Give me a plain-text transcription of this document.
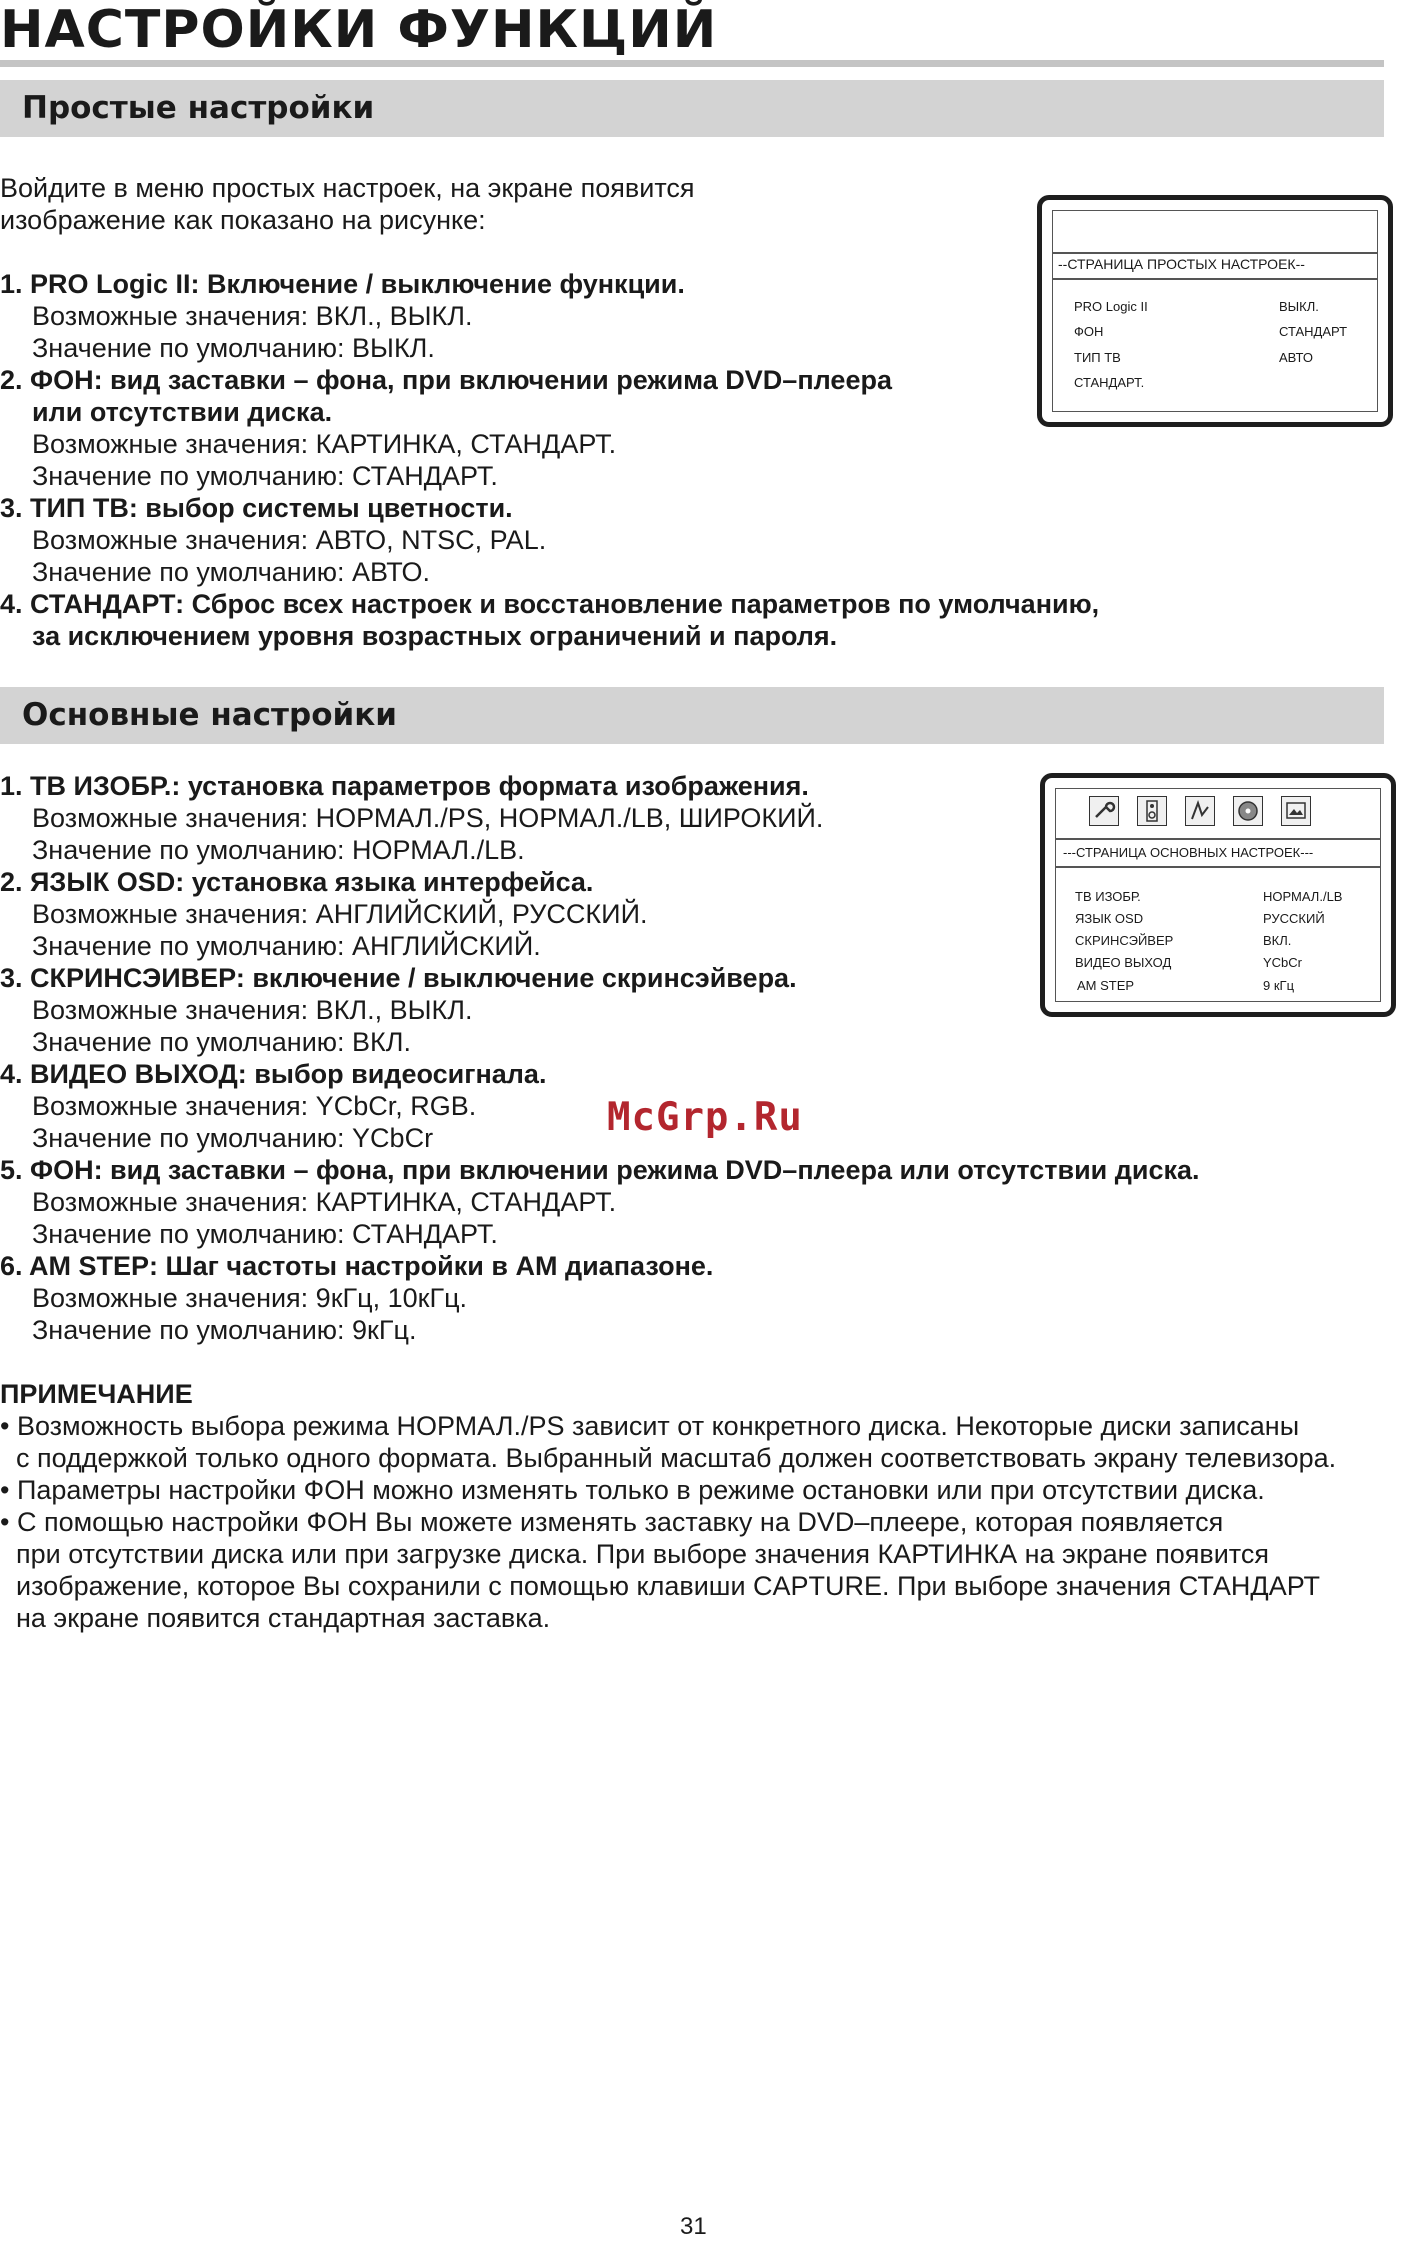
НАСТРОЙКИ ФУНКЦИЙ
Простые настройки

Войдите в меню простых настроек, на экране появится

изображение как показано на рисунке:

1. PRO Logic II: Включение / выключение функции.

Возможные значения: ВКЛ., ВЫКЛ.

Значение по умолчанию: ВЫКЛ.

2. ФОН: вид заставки – фона, при включении режима DVD–плеера

или отсутствии диска.

Возможные значения: КАРТИНКА, СТАНДАРТ.

Значение по умолчанию: СТАНДАРТ.

3. ТИП ТВ: выбор системы цветности.

Возможные значения: АВТО, NTSC, PAL.

Значение по умолчанию: АВТО.

4. СТАНДАРТ: Сброс всех настроек и восстановление параметров по умолчанию,

за исключением уровня возрастных ограничений и пароля.

--СТРАНИЦА ПРОСТЫХ НАСТРОЕК--
PRO Logic II	ВЫКЛ.
ФОН	СТАНДАРТ
ТИП ТВ	АВТО
СТАНДАРТ.
Основные настройки

1. ТВ ИЗОБР.: установка параметров формата изображения.

Возможные значения: НОРМАЛ./PS, НОРМАЛ./LB, ШИРОКИЙ.

Значение по умолчанию: НОРМАЛ./LB.

2. ЯЗЫК OSD: установка языка интерфейса.

Возможные значения: АНГЛИЙСКИЙ, РУССКИЙ.

Значение по умолчанию: АНГЛИЙСКИЙ.

3. СКРИНСЭИВЕР: включение / выключение скринсэйвера.

Возможные значения: ВКЛ., ВЫКЛ.

Значение по умолчанию: ВКЛ.

4. ВИДЕО ВЫХОД: выбор видеосигнала.

Возможные значения: YCbCr, RGB.

Значение по умолчанию: YCbCr

5. ФОН: вид заставки – фона, при включении режима DVD–плеера или отсутствии диска.

Возможные значения: КАРТИНКА, СТАНДАРТ.

Значение по умолчанию: СТАНДАРТ.

6. AM STEP: Шаг частоты настройки в АМ диапазоне.

Возможные значения: 9кГц, 10кГц.

Значение по умолчанию: 9кГц.

---СТРАНИЦА ОСНОВНЫХ НАСТРОЕК---
ТВ ИЗОБР.	НОРМАЛ./LB
ЯЗЫК OSD	РУССКИЙ
СКРИНСЭЙВЕР	ВКЛ.
ВИДЕО ВЫХОД	YCbCr
AM STEP	9 кГц
McGrp.Ru

ПРИМЕЧАНИЕ

• Возможность выбора режима НОРМАЛ./PS зависит от конкретного диска. Некоторые диски записаны

с поддержкой только одного формата. Выбранный масштаб должен соответствовать экрану телевизора.

• Параметры настройки ФОН можно изменять только в режиме остановки или при отсутствии диска.

• С помощью настройки ФОН Вы можете изменять заставку на DVD–плеере, которая появляется

при отсутствии диска или при загрузке диска. При выборе значения КАРТИНКА на экране появится

изображение, которое Вы сохранили с помощью клавиши CAPTURE. При выборе значения СТАНДАРТ

на экране появится стандартная заставка.

31
